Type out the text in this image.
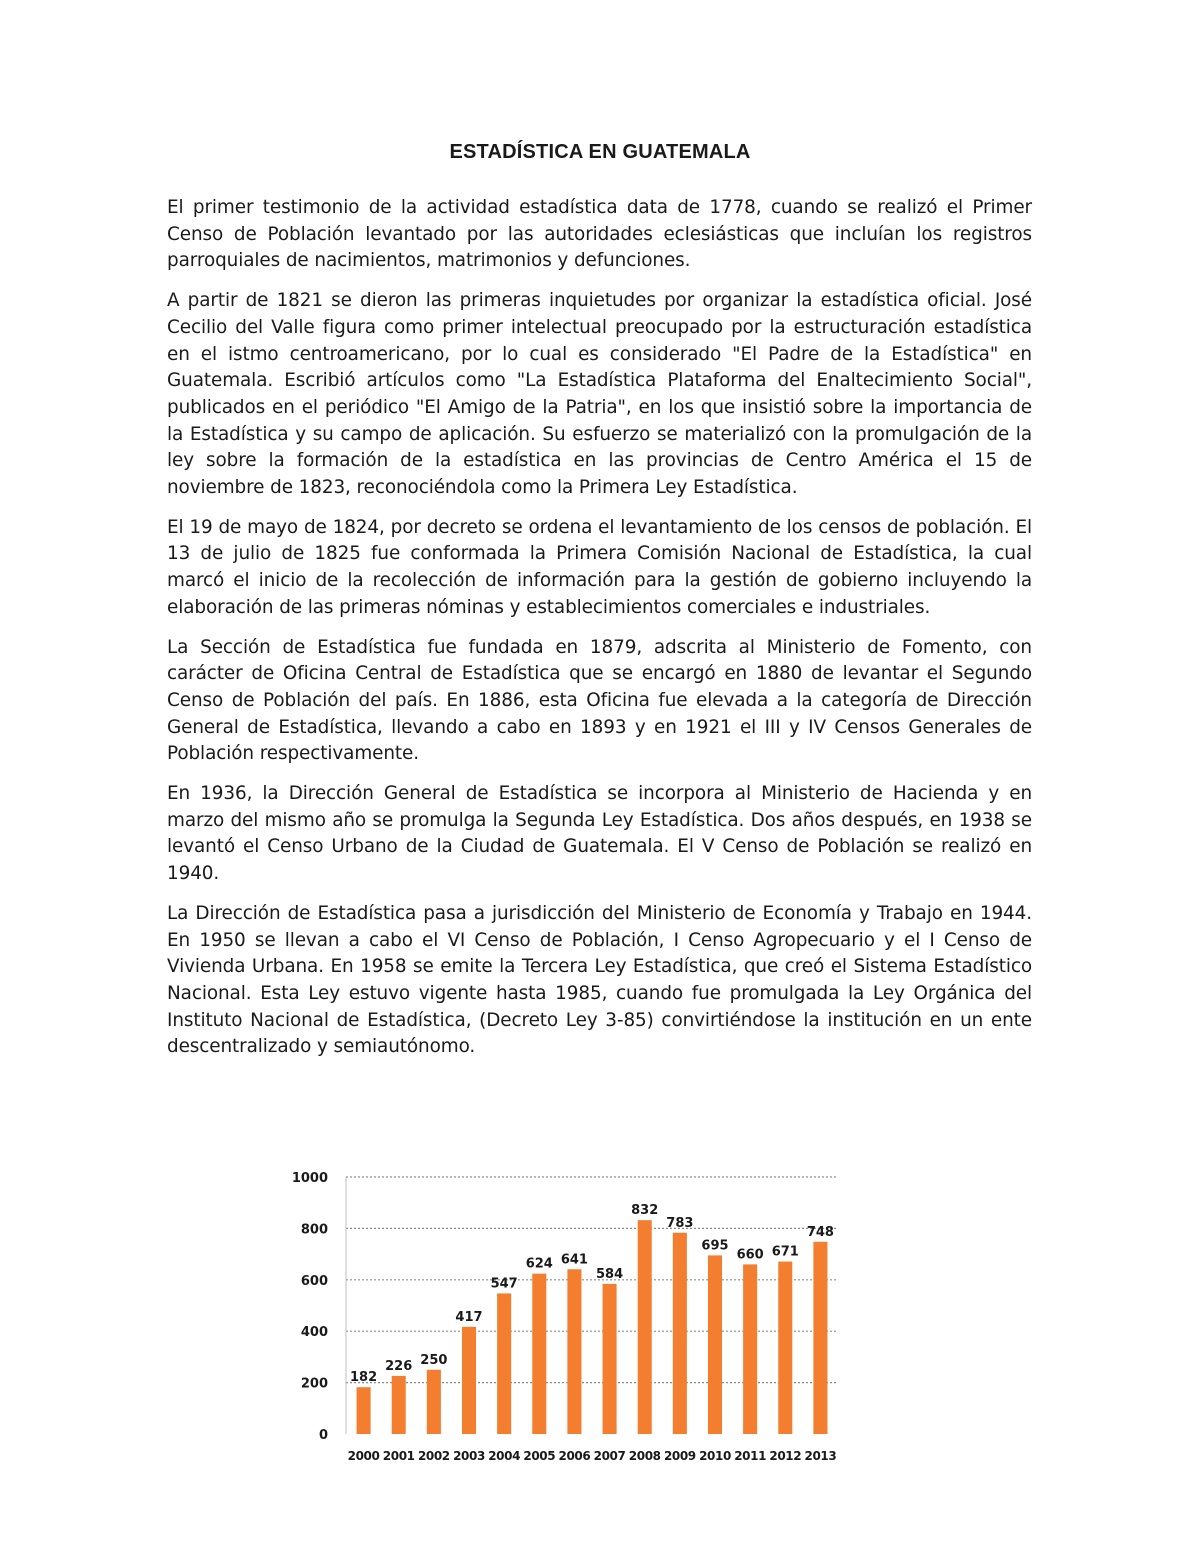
ESTADÍSTICA EN GUATEMALA

El primer testimonio de la actividad estadística data de 1778, cuando se realizó el Primer Censo de Población levantado por las autoridades eclesiásticas que incluían los registros parroquiales de nacimientos, matrimonios y defunciones.

A partir de 1821 se dieron las primeras inquietudes por organizar la estadística oficial. José Cecilio del Valle figura como primer intelectual preocupado por la estructuración estadística en el istmo centroamericano, por lo cual es considerado "El Padre de la Estadística" en Guatemala. Escribió artículos como "La Estadística Plataforma del Enaltecimiento Social", publicados en el periódico "El Amigo de la Patria", en los que insistió sobre la importancia de la Estadística y su campo de aplicación. Su esfuerzo se materializó con la promulgación de la ley sobre la formación de la estadística en las provincias de Centro América el 15 de noviembre de 1823, reconociéndola como la Primera Ley Estadística.

El 19 de mayo de 1824, por decreto se ordena el levantamiento de los censos de población. El 13 de julio de 1825 fue conformada la Primera Comisión Nacional de Estadística, la cual marcó el inicio de la recolección de información para la gestión de gobierno incluyendo la elaboración de las primeras nóminas y establecimientos comerciales e industriales.

La Sección de Estadística fue fundada en 1879, adscrita al Ministerio de Fomento, con carácter de Oficina Central de Estadística que se encargó en 1880 de levantar el Segundo Censo de Población del país. En 1886, esta Oficina fue elevada a la categoría de Dirección General de Estadística, llevando a cabo en 1893 y en 1921 el III y IV Censos Generales de Población respectivamente.

En 1936, la Dirección General de Estadística se incorpora al Ministerio de Hacienda y en marzo del mismo año se promulga la Segunda Ley Estadística. Dos años después, en 1938 se levantó el Censo Urbano de la Ciudad de Guatemala. El V Censo de Población se realizó en 1940.

La Dirección de Estadística pasa a jurisdicción del Ministerio de Economía y Trabajo en 1944. En 1950 se llevan a cabo el VI Censo de Población, I Censo Agropecuario y el I Censo de Vivienda Urbana. En 1958 se emite la Tercera Ley Estadística, que creó el Sistema Estadístico Nacional. Esta Ley estuvo vigente hasta 1985, cuando fue promulgada la Ley Orgánica del Instituto Nacional de Estadística, (Decreto Ley 3-85) convirtiéndose la institución en un ente descentralizado y semiautónomo.

0
200
400
600
800
1000
182
2000
226
2001
250
2002
417
2003
547
2004
624
2005
641
2006
584
2007
832
2008
783
2009
695
2010
660
2011
671
2012
748
2013
